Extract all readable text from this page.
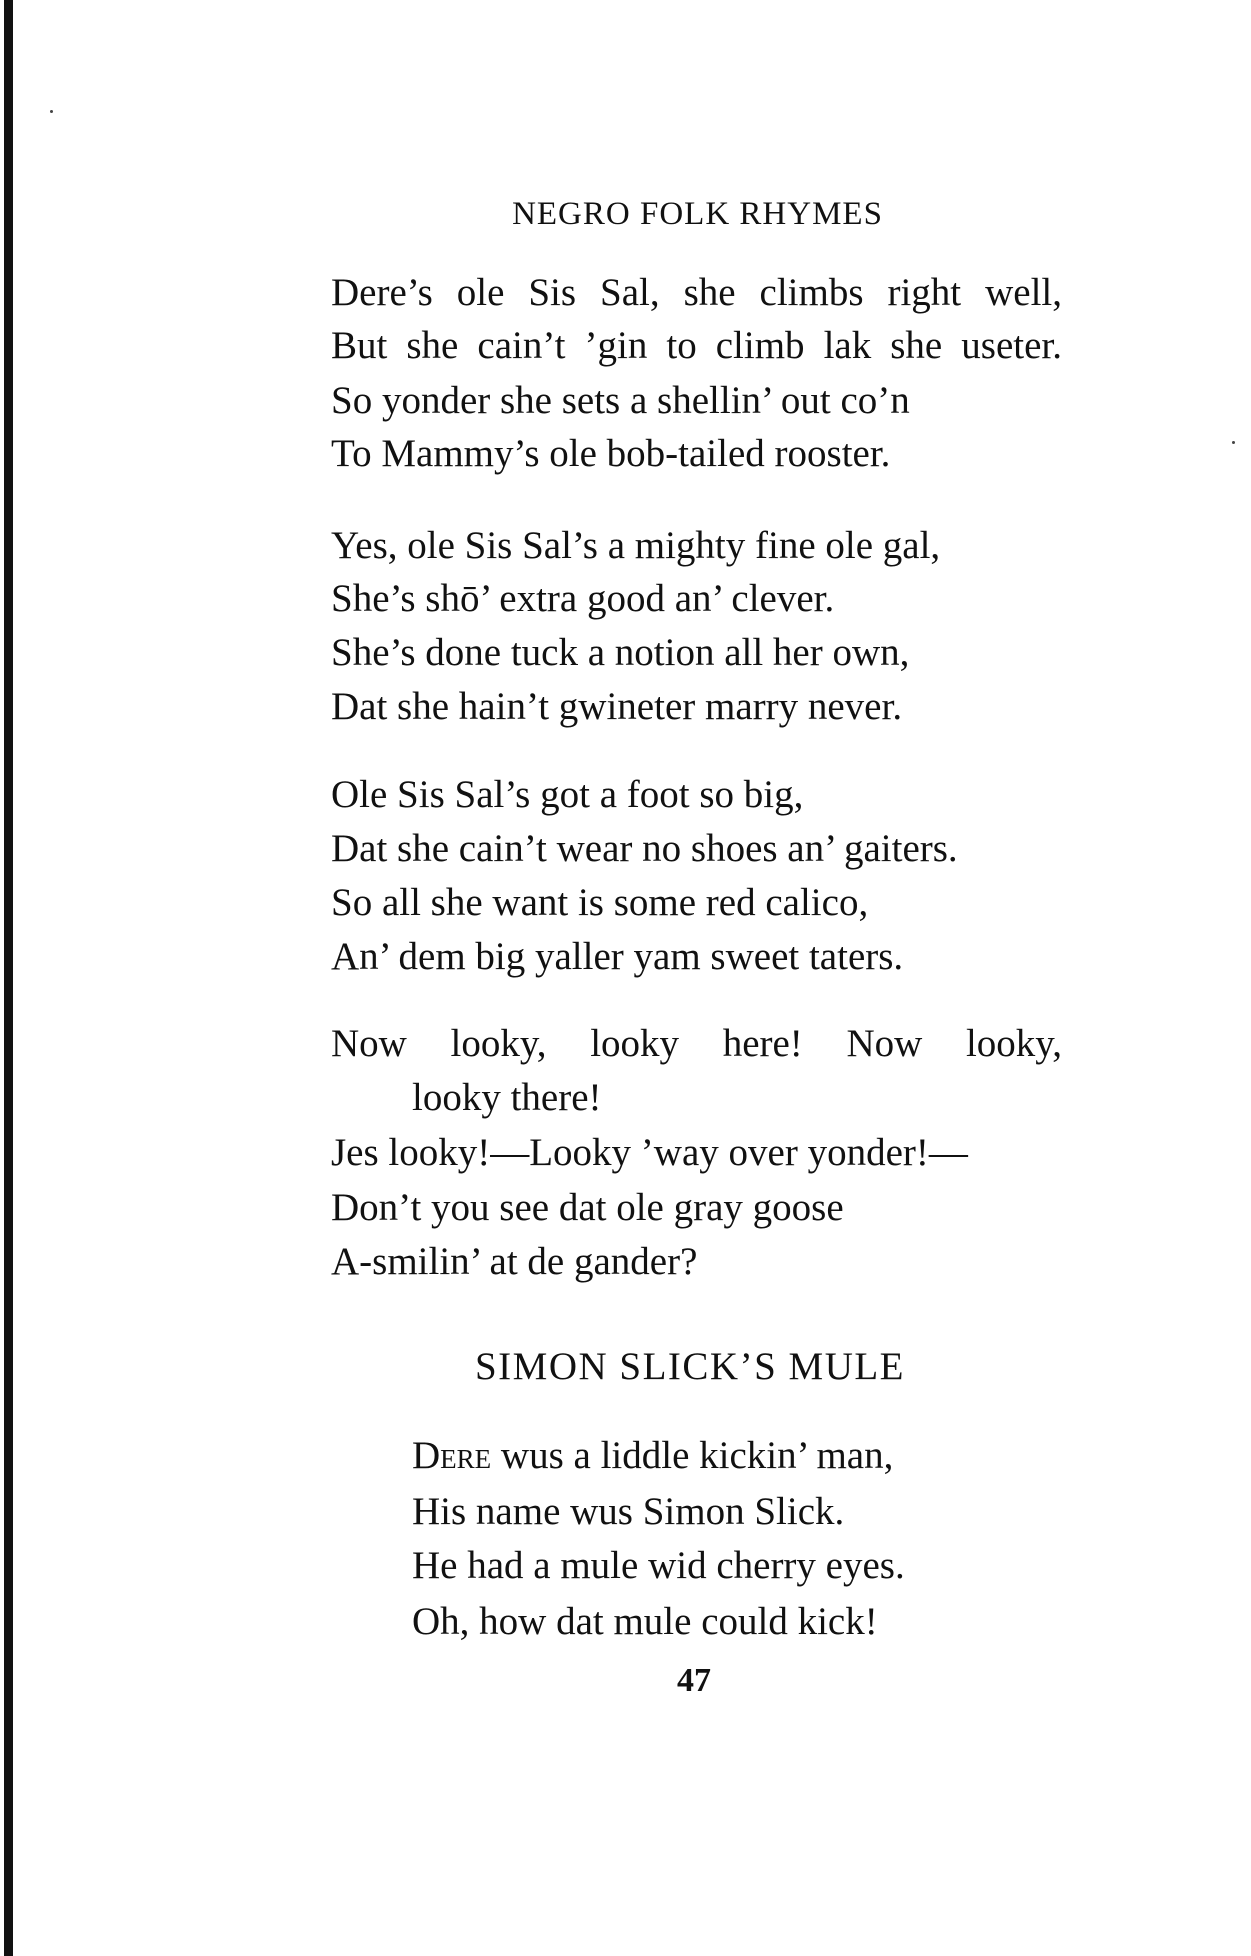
NEGRO FOLK RHYMES
Dere’s ole Sis Sal, she climbs right well,
But she cain’t ’gin to climb lak she useter.
So yonder she sets a shellin’ out co’n
To Mammy’s ole bob-tailed rooster.
Yes, ole Sis Sal’s a mighty fine ole gal,
She’s shō’ extra good an’ clever.
She’s done tuck a notion all her own,
Dat she hain’t gwineter marry never.
Ole Sis Sal’s got a foot so big,
Dat she cain’t wear no shoes an’ gaiters.
So all she want is some red calico,
An’ dem big yaller yam sweet taters.
Now looky, looky here! Now looky,
looky there!
Jes looky!—Looky ’way over yonder!—
Don’t you see dat ole gray goose
A-smilin’ at de gander?
SIMON SLICK’S MULE
Dere wus a liddle kickin’ man,
His name wus Simon Slick.
He had a mule wid cherry eyes.
Oh, how dat mule could kick!
47
